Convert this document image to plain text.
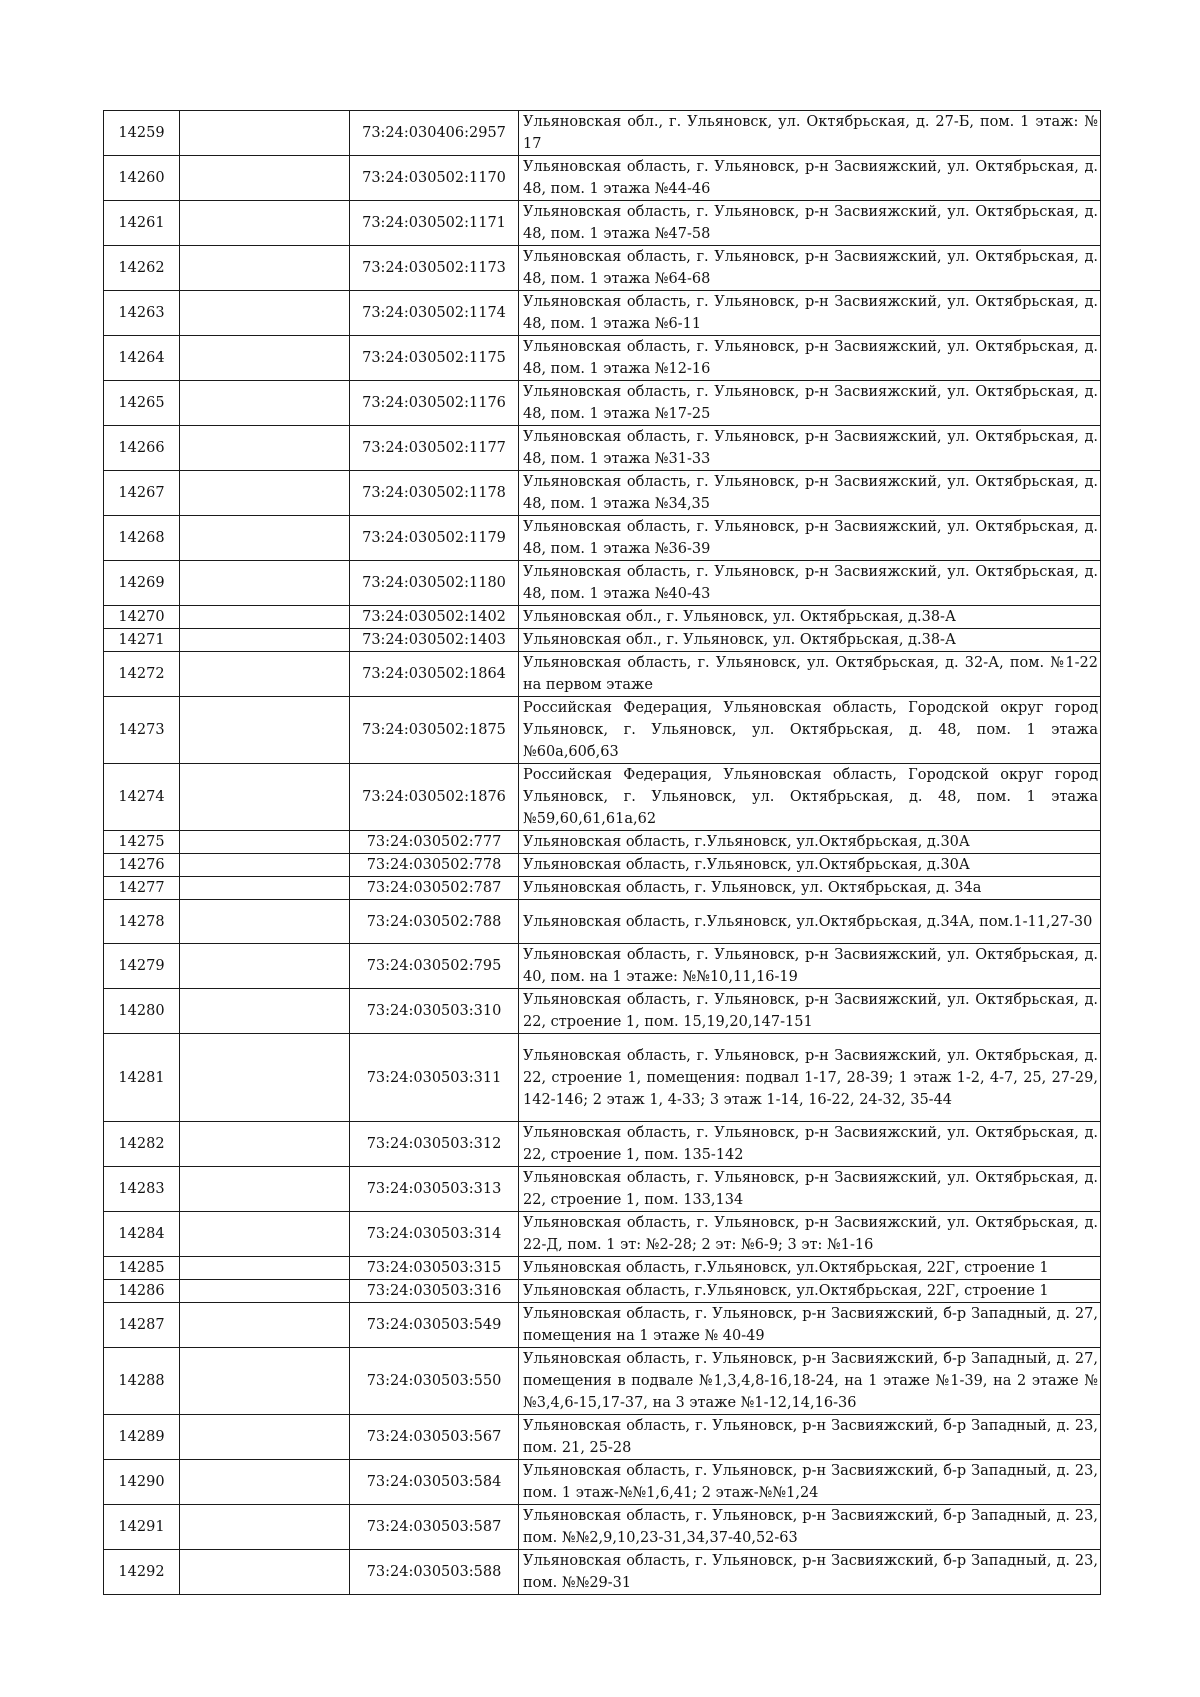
14259		73:24:030406:2957	Ульяновская обл., г. Ульяновск, ул. Октябрьская, д. 27-Б, пом. 1 этаж: № 17
14260		73:24:030502:1170	Ульяновская область, г. Ульяновск, р-н Засвияжский, ул. Октябрьская, д. 48, пом. 1 этажа №44-46
14261		73:24:030502:1171	Ульяновская область, г. Ульяновск, р-н Засвияжский, ул. Октябрьская, д. 48, пом. 1 этажа №47-58
14262		73:24:030502:1173	Ульяновская область, г. Ульяновск, р-н Засвияжский, ул. Октябрьская, д. 48, пом. 1 этажа №64-68
14263		73:24:030502:1174	Ульяновская область, г. Ульяновск, р-н Засвияжский, ул. Октябрьская, д. 48, пом. 1 этажа №6-11
14264		73:24:030502:1175	Ульяновская область, г. Ульяновск, р-н Засвияжский, ул. Октябрьская, д. 48, пом. 1 этажа №12-16
14265		73:24:030502:1176	Ульяновская область, г. Ульяновск, р-н Засвияжский, ул. Октябрьская, д. 48, пом. 1 этажа №17-25
14266		73:24:030502:1177	Ульяновская область, г. Ульяновск, р-н Засвияжский, ул. Октябрьская, д. 48, пом. 1 этажа №31-33
14267		73:24:030502:1178	Ульяновская область, г. Ульяновск, р-н Засвияжский, ул. Октябрьская, д. 48, пом. 1 этажа №34,35
14268		73:24:030502:1179	Ульяновская область, г. Ульяновск, р-н Засвияжский, ул. Октябрьская, д. 48, пом. 1 этажа №36-39
14269		73:24:030502:1180	Ульяновская область, г. Ульяновск, р-н Засвияжский, ул. Октябрьская, д. 48, пом. 1 этажа №40-43
14270		73:24:030502:1402	Ульяновская обл., г. Ульяновск, ул. Октябрьская, д.38-А
14271		73:24:030502:1403	Ульяновская обл., г. Ульяновск, ул. Октябрьская, д.38-А
14272		73:24:030502:1864	Ульяновская область, г. Ульяновск, ул. Октябрьская, д. 32-А, пом. №1-22 на первом этаже
14273		73:24:030502:1875	Российская Федерация, Ульяновская область, Городской округ город Ульяновск, г. Ульяновск, ул. Октябрьская, д. 48, пом. 1 этажа №60а,60б,63
14274		73:24:030502:1876	Российская Федерация, Ульяновская область, Городской округ город Ульяновск, г. Ульяновск, ул. Октябрьская, д. 48, пом. 1 этажа №59,60,61,61а,62
14275		73:24:030502:777	Ульяновская область, г.Ульяновск, ул.Октябрьская, д.30А
14276		73:24:030502:778	Ульяновская область, г.Ульяновск, ул.Октябрьская, д.30А
14277		73:24:030502:787	Ульяновская область, г. Ульяновск, ул. Октябрьская, д. 34а
14278		73:24:030502:788	Ульяновская область, г.Ульяновск, ул.Октябрьская, д.34А, пом.1-11,27-30
14279		73:24:030502:795	Ульяновская область, г. Ульяновск, р-н Засвияжский, ул. Октябрьская, д. 40, пом. на 1 этаже: №№10,11,16-19
14280		73:24:030503:310	Ульяновская область, г. Ульяновск, р-н Засвияжский, ул. Октябрьская, д. 22, строение 1, пом. 15,19,20,147-151
14281		73:24:030503:311	Ульяновская область, г. Ульяновск, р-н Засвияжский, ул. Октябрьская, д. 22, строение 1, помещения: подвал 1-17, 28-39; 1 этаж 1-2, 4-7, 25, 27-29, 142-146; 2 этаж 1, 4-33; 3 этаж 1-14, 16-22, 24-32, 35-44
14282		73:24:030503:312	Ульяновская область, г. Ульяновск, р-н Засвияжский, ул. Октябрьская, д. 22, строение 1, пом. 135-142
14283		73:24:030503:313	Ульяновская область, г. Ульяновск, р-н Засвияжский, ул. Октябрьская, д. 22, строение 1, пом. 133,134
14284		73:24:030503:314	Ульяновская область, г. Ульяновск, р-н Засвияжский, ул. Октябрьская, д. 22-Д, пом. 1 эт: №2-28; 2 эт: №6-9; 3 эт: №1-16
14285		73:24:030503:315	Ульяновская область, г.Ульяновск, ул.Октябрьская, 22Г, строение 1
14286		73:24:030503:316	Ульяновская область, г.Ульяновск, ул.Октябрьская, 22Г, строение 1
14287		73:24:030503:549	Ульяновская область, г. Ульяновск, р-н Засвияжский, б-р Западный, д. 27, помещения на 1 этаже № 40-49
14288		73:24:030503:550	Ульяновская область, г. Ульяновск, р-н Засвияжский, б-р Западный, д. 27, помещения в подвале №1,3,4,8-16,18-24, на 1 этаже №1-39, на 2 этаже №№3,4,6-15,17-37, на 3 этаже №1-12,14,16-36
14289		73:24:030503:567	Ульяновская область, г. Ульяновск, р-н Засвияжский, б-р Западный, д. 23, пом. 21, 25-28
14290		73:24:030503:584	Ульяновская область, г. Ульяновск, р-н Засвияжский, б-р Западный, д. 23, пом. 1 этаж-№№1,6,41; 2 этаж-№№1,24
14291		73:24:030503:587	Ульяновская область, г. Ульяновск, р-н Засвияжский, б-р Западный, д. 23, пом. №№2,9,10,23-31,34,37-40,52-63
14292		73:24:030503:588	Ульяновская область, г. Ульяновск, р-н Засвияжский, б-р Западный, д. 23, пом. №№29-31
